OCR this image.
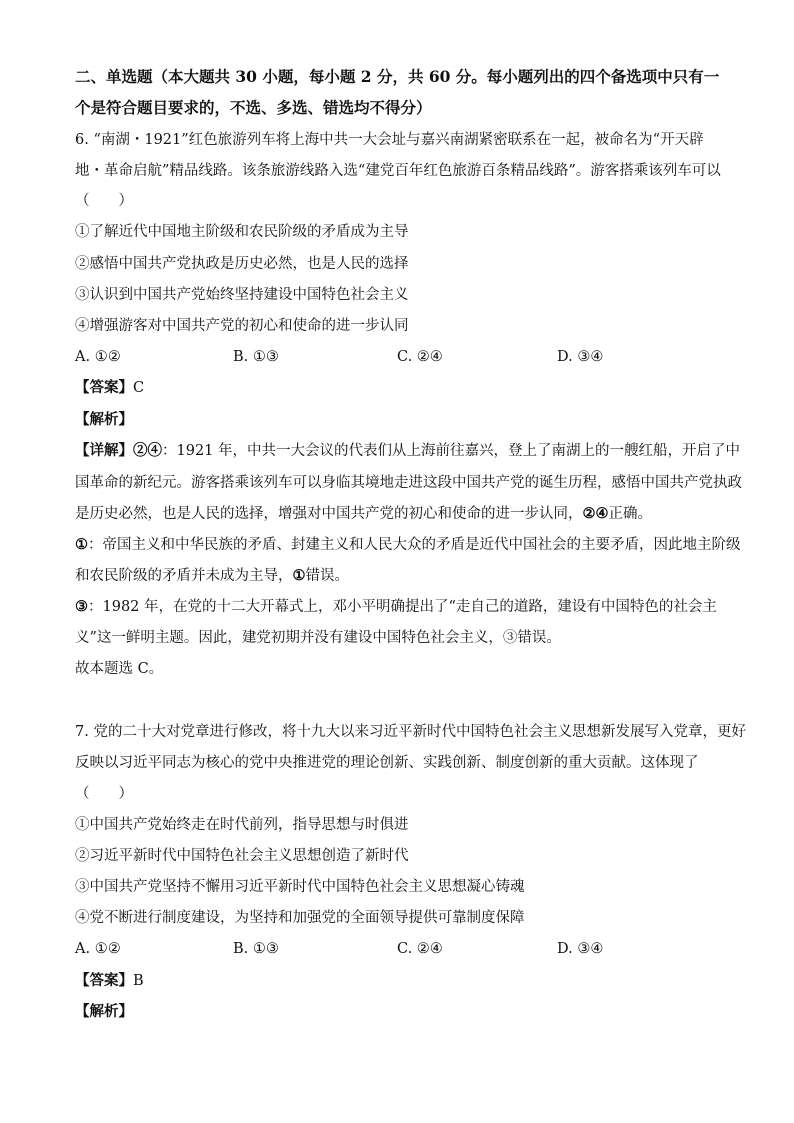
二、单选题（本大题共 30 小题，每小题 2 分，共 60 分。每小题列出的四个备选项中只有一
个是符合题目要求的，不选、多选、错选均不得分）
6. “南湖・1921”红色旅游列车将上海中共一大会址与嘉兴南湖紧密联系在一起，被命名为“开天辟
地・革命启航”精品线路。该条旅游线路入选“建党百年红色旅游百条精品线路”。游客搭乘该列车可以
（　　）
①了解近代中国地主阶级和农民阶级的矛盾成为主导
②感悟中国共产党执政是历史必然，也是人民的选择
③认识到中国共产党始终坚持建设中国特色社会主义
④增强游客对中国共产党的初心和使命的进一步认同
A. ①②	B. ①③	C. ②④	D. ③④
【答案】C
【解析】
【详解】②④：1921 年，中共一大会议的代表们从上海前往嘉兴，登上了南湖上的一艘红船，开启了中
国革命的新纪元。游客搭乘该列车可以身临其境地走进这段中国共产党的诞生历程，感悟中国共产党执政
是历史必然，也是人民的选择，增强对中国共产党的初心和使命的进一步认同，②④正确。
①：帝国主义和中华民族的矛盾、封建主义和人民大众的矛盾是近代中国社会的主要矛盾，因此地主阶级
和农民阶级的矛盾并未成为主导，①错误。
③：1982 年，在党的十二大开幕式上，邓小平明确提出了“走自己的道路，建设有中国特色的社会主
义”这一鲜明主题。因此，建党初期并没有建设中国特色社会主义，③错误。
故本题选 C。
7. 党的二十大对党章进行修改，将十九大以来习近平新时代中国特色社会主义思想新发展写入党章，更好
反映以习近平同志为核心的党中央推进党的理论创新、实践创新、制度创新的重大贡献。这体现了
（　　）
①中国共产党始终走在时代前列，指导思想与时俱进
②习近平新时代中国特色社会主义思想创造了新时代
③中国共产党坚持不懈用习近平新时代中国特色社会主义思想凝心铸魂
④党不断进行制度建设，为坚持和加强党的全面领导提供可靠制度保障
A. ①②	B. ①③	C. ②④	D. ③④
【答案】B
【解析】
